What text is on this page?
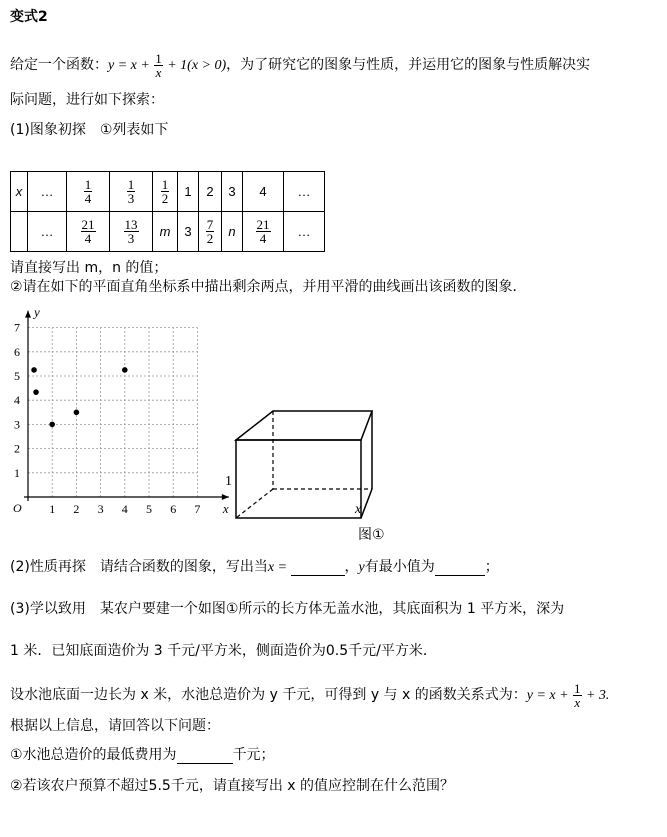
变式2
给定一个函数：$y = x + \frac{1}{x} + 1(x > 0)$，为了研究它的图象与性质，并运用它的图象与性质解决实
际问题，进行如下探索：
(1)图象初探　①列表如下
x	…	$\frac{1}{4}$	$\frac{1}{3}$	$\frac{1}{2}$	1	2	3	4	…
	…	$\frac{21}{4}$	$\frac{13}{3}$	m	3	$\frac{7}{2}$	n	$\frac{21}{4}$	…
请直接写出 m，n 的值；
②请在如下的平面直角坐标系中描出剩余两点，并用平滑的曲线画出该函数的图象．
1 2 3 4 5 6 7
1
2
3
4
5
6
7
O	x
y
1
x
图①
(2)性质再探　请结合函数的图象，写出当x =	，y有最小值为	；
(3)学以致用　某农户要建一个如图①所示的长方体无盖水池，其底面积为 1 平方米，深为
1 米．已知底面造价为 3 千元/平方米，侧面造价为0.5千元/平方米．
设水池底面一边长为 x 米，水池总造价为 y 千元，可得到 y 与 x 的函数关系式为：$y = x + \frac{1}{x} + 3$.
根据以上信息，请回答以下问题：
①水池总造价的最低费用为	千元；
②若该农户预算不超过5.5千元，请直接写出 x 的值应控制在什么范围？
